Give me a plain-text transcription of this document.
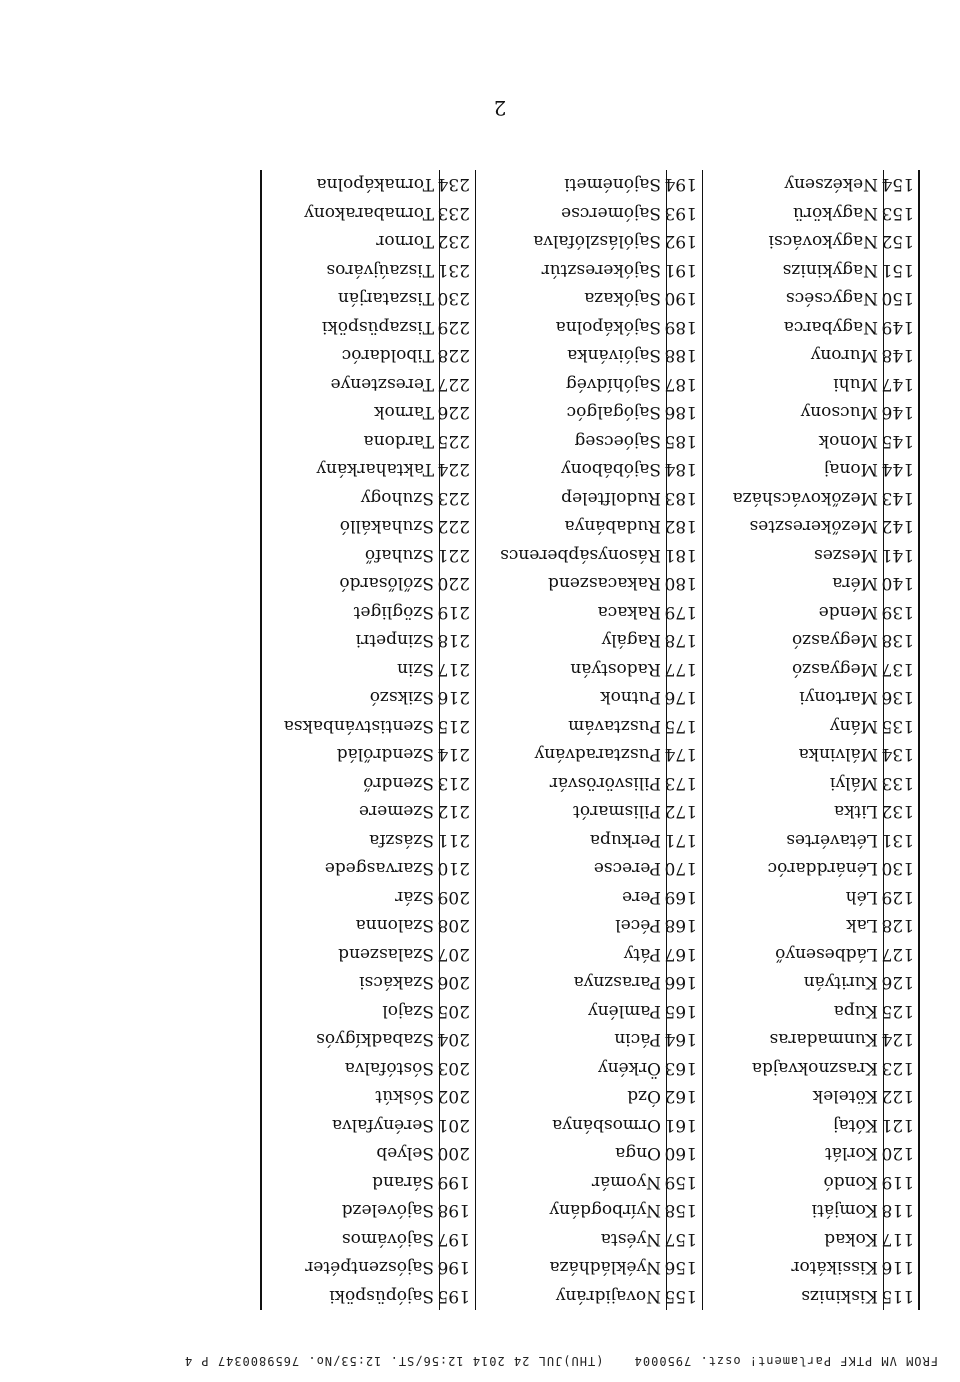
FROM VM PTKF Parlament! oszt. 7950004 (THU)JUL 24 2014 12:56/ST. 12:53/No. 7659800347 P 4
115
Kiskinizs
155
Novajidrány
195
Sajópüspöki
116
Kissikátor
156
Nyékládháza
196
Sajószentpéter
117
Kokad
157
Nyésta
197
Sajóvámos
118
Komjáti
158
Nyírbogdány
198
Sajóvelezd
119
Kondó
159
Nyomár
199
Sárand
120
Korlát
160
Onga
200
Selyeb
121
Kótaj
161
Ormosbánya
201
Serényfalva
122
Kötelek
162
Ózd
202
Sóskút
123
Krasznokvajda
163
Örkény
203
Sóstófalva
124
Kunmadaras
164
Pácin
204
Szabadkígyós
125
Kupa
165
Pamlény
205
Szajol
126
Kurityán
166
Parasznya
206
Szakácsi
127
Ládbesenyő
167
Páty
207
Szalaszend
128
Lak
168
Pécel
208
Szalonna
129
Léh
169
Pere
209
Szár
130
Lénárddaróc
170
Perecse
210
Szarvasgede
131
Létavértes
171
Perkupa
211
Szászfa
132
Litka
172
Pilismarót
212
Szemere
133
Mályi
173
Pilisvörösvár
213
Szendrő
134
Málvinka
174
Pusztaradvány
214
Szendrőlád
135
Mány
175
Pusztavám
215
Szentistvánbaksa
136
Martonyi
176
Putnok
216
Szikszó
137
Megyaszó
177
Radostyán
217
Szin
138
Megyaszó
178
Ragály
218
Szinpetri
139
Mende
179
Rakaca
219
Szögliget
140
Méra
180
Rakacaszend
220
Szőlősardó
141
Meszes
181
Rásonysápberencs
221
Szuhafő
142
Mezőkeresztes
182
Rudabánya
222
Szuhakálló
143
Mezőkovácsháza
183
Rudolftelep
223
Szuhogy
144
Monaj
184
Sajóbábony
224
Taktaharkány
145
Monok
185
Sajóecseg
225
Tardona
146
Mucsony
186
Sajógalgóc
226
Tarnok
147
Muhi
187
Sajóhídvég
227
Teresztenye
148
Murony
188
Sajóivánka
228
Tiboldaróc
149
Nagybarca
189
Sajókápolna
229
Tiszapüspöki
150
Nagycsécs
190
Sajókaza
230
Tiszatarján
151
Nagykinizs
191
Sajókeresztúr
231
Tiszaújváros
152
Nagykovácsi
192
Sajólászlófalva
232
Tornor
153
Nagykörü
193
Sajómercse
233
Tornabarakony
154
Nekézseny
194
Sajónémeti
234
Tornakápolna
2
